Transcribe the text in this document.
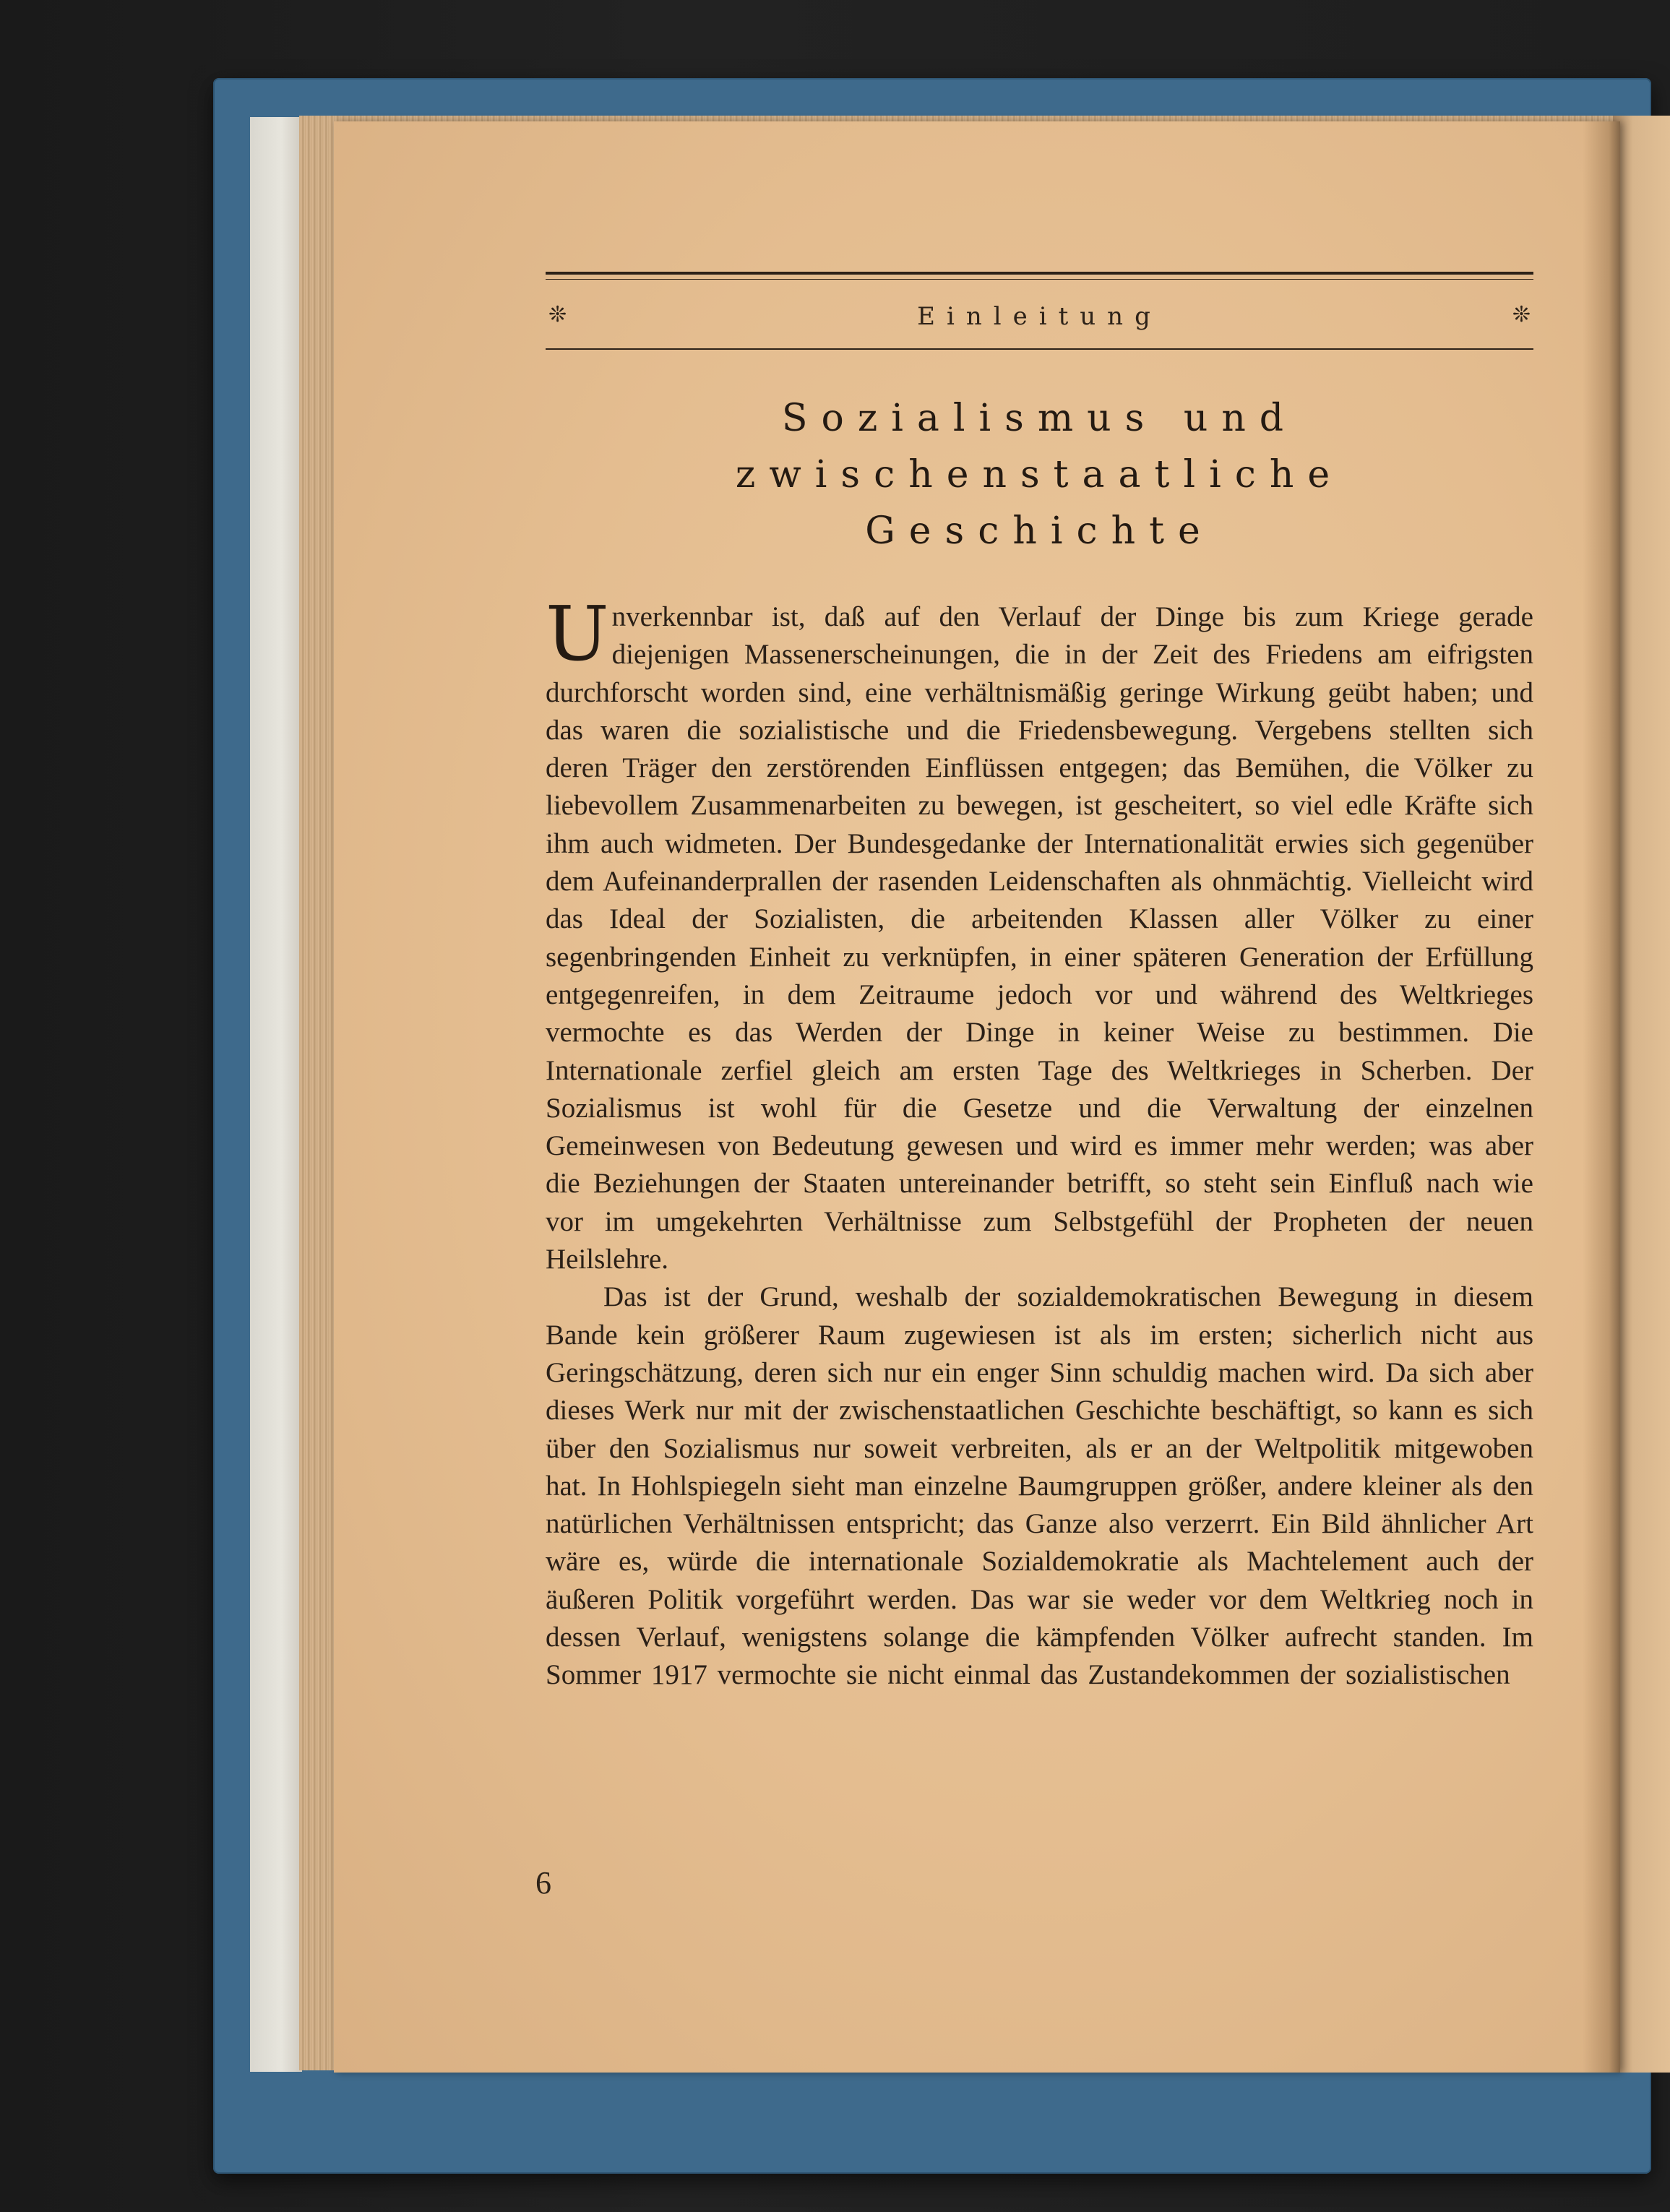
❊	Einleitung	❊
Sozialismus und zwischenstaatliche
Geschichte

Unverkennbar ist, daß auf den Verlauf der Dinge bis zum Kriege gerade diejenigen Massenerscheinungen, die in der Zeit des Friedens am eifrigsten durchforscht worden sind, eine verhältnismäßig geringe Wirkung geübt haben; und das waren die sozialistische und die Friedensbewegung. Vergebens stellten sich deren Träger den zerstörenden Einflüssen entgegen; das Bemühen, die Völker zu liebevollem Zusammenarbeiten zu bewegen, ist gescheitert, so viel edle Kräfte sich ihm auch widmeten. Der Bundesgedanke der Internationalität erwies sich gegenüber dem Aufeinanderprallen der rasenden Leidenschaften als ohnmächtig. Vielleicht wird das Ideal der Sozialisten, die arbeitenden Klassen aller Völker zu einer segenbringenden Einheit zu verknüpfen, in einer späteren Generation der Erfüllung entgegenreifen, in dem Zeitraume jedoch vor und während des Weltkrieges vermochte es das Werden der Dinge in keiner Weise zu bestimmen. Die Internationale zerfiel gleich am ersten Tage des Weltkrieges in Scherben. Der Sozialismus ist wohl für die Gesetze und die Verwaltung der einzelnen Gemeinwesen von Bedeutung gewesen und wird es immer mehr werden; was aber die Beziehungen der Staaten untereinander betrifft, so steht sein Einfluß nach wie vor im umgekehrten Verhältnisse zum Selbstgefühl der Propheten der neuen Heilslehre.

Das ist der Grund, weshalb der sozialdemokratischen Bewegung in diesem Bande kein größerer Raum zugewiesen ist als im ersten; sicherlich nicht aus Geringschätzung, deren sich nur ein enger Sinn schuldig machen wird. Da sich aber dieses Werk nur mit der zwischenstaatlichen Geschichte beschäftigt, so kann es sich über den Sozialismus nur soweit verbreiten, als er an der Weltpolitik mitgewoben hat. In Hohlspiegeln sieht man einzelne Baumgruppen größer, andere kleiner als den natürlichen Verhältnissen entspricht; das Ganze also verzerrt. Ein Bild ähnlicher Art wäre es, würde die internationale Sozialdemokratie als Machtelement auch der äußeren Politik vorgeführt werden. Das war sie weder vor dem Weltkrieg noch in dessen Verlauf, wenigstens solange die kämpfenden Völker aufrecht standen. Im Sommer 1917 vermochte sie nicht einmal das Zustandekommen der sozialistischen

6
